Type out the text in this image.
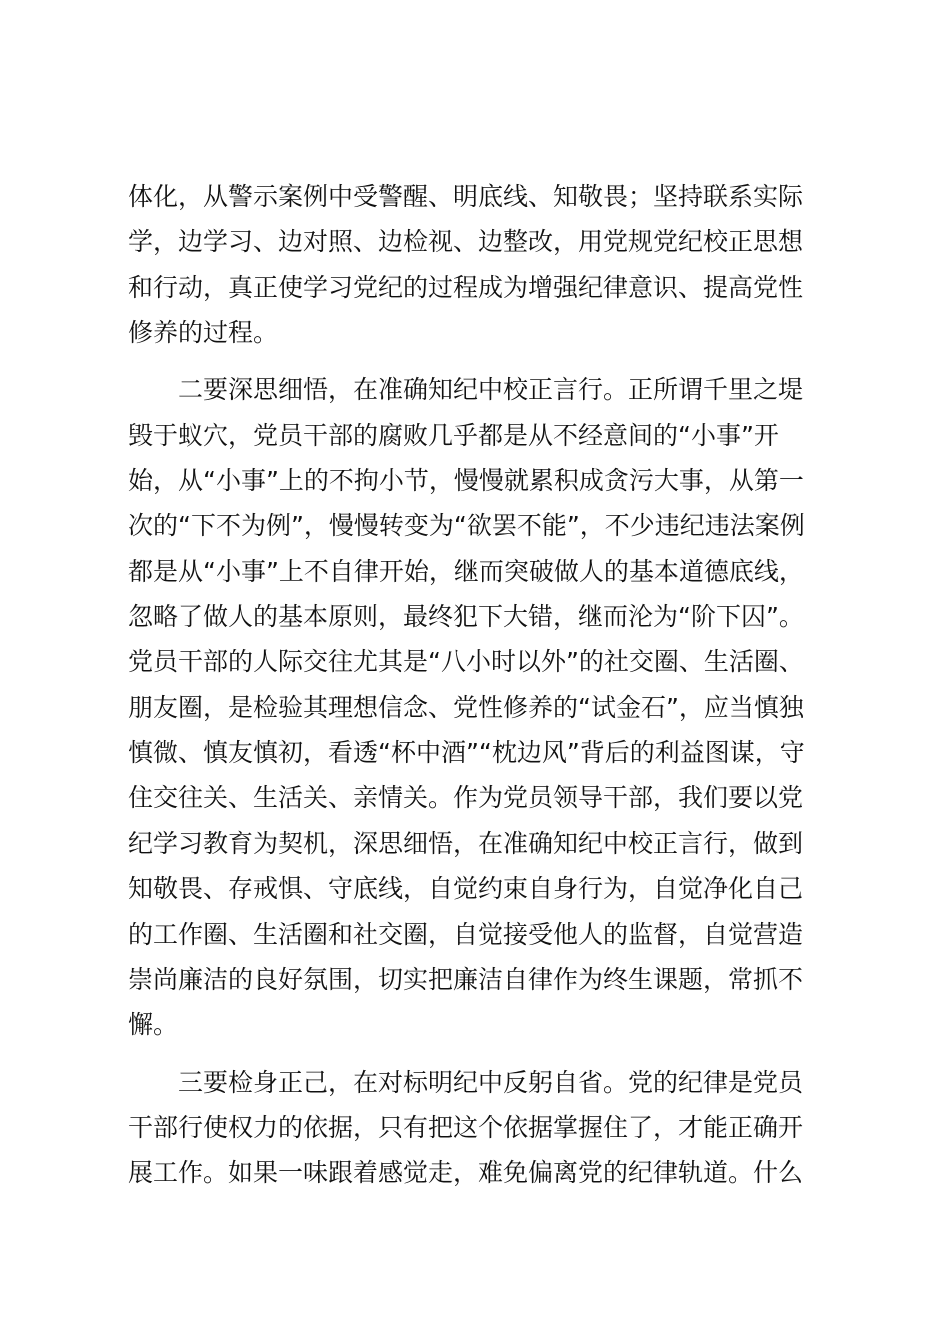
体化，从警示案例中受警醒、明底线、知敬畏；坚持联系实际
学，边学习、边对照、边检视、边整改，用党规党纪校正思想
和行动，真正使学习党纪的过程成为增强纪律意识、提高党性
修养的过程。
　　二要深思细悟，在准确知纪中校正言行。正所谓千里之堤
毁于蚁穴，党员干部的腐败几乎都是从不经意间的“小事”开
始，从“小事”上的不拘小节，慢慢就累积成贪污大事，从第一
次的“下不为例”，慢慢转变为“欲罢不能”，不少违纪违法案例
都是从“小事”上不自律开始，继而突破做人的基本道德底线，
忽略了做人的基本原则，最终犯下大错，继而沦为“阶下囚”。
党员干部的人际交往尤其是“八小时以外”的社交圈、生活圈、
朋友圈，是检验其理想信念、党性修养的“试金石”，应当慎独
慎微、慎友慎初，看透“杯中酒”“枕边风”背后的利益图谋，守
住交往关、生活关、亲情关。作为党员领导干部，我们要以党
纪学习教育为契机，深思细悟，在准确知纪中校正言行，做到
知敬畏、存戒惧、守底线，自觉约束自身行为，自觉净化自己
的工作圈、生活圈和社交圈，自觉接受他人的监督，自觉营造
崇尚廉洁的良好氛围，切实把廉洁自律作为终生课题，常抓不
懈。
　　三要检身正己，在对标明纪中反躬自省。党的纪律是党员
干部行使权力的依据，只有把这个依据掌握住了，才能正确开
展工作。如果一味跟着感觉走，难免偏离党的纪律轨道。什么
